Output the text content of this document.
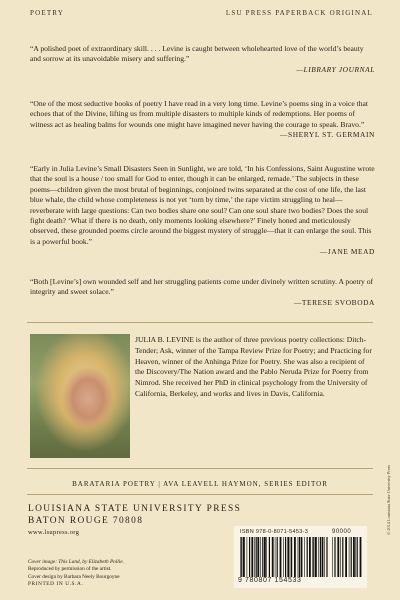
POETRY	LSU PRESS PAPERBACK ORIGINAL

“A polished poet of extraordinary skill. . . . Levine is caught between wholehearted love of the world’s beauty and sorrow at its unavoidable misery and suffering.”

—LIBRARY JOURNAL

“One of the most seductive books of poetry I have read in a very long time. Levine’s poems sing in a voice that echoes that of the Divine, lifting us from multiple disasters to multiple kinds of redemptions. Her poems of witness act as healing balms for wounds one might have imagined never having the courage to speak. Bravo.”

—SHERYL ST. GERMAIN

“Early in Julia Levine’s Small Disasters Seen in Sunlight, we are told, ‘In his Confessions, Saint Augustine wrote that the soul is a house / too small for God to enter, though it can be enlarged, remade.’ The subjects in these poems—children given the most brutal of beginnings, conjoined twins separated at the cost of one life, the last blue whale, the child whose completeness is not yet ‘torn by time,’ the rape victim struggling to heal—reverberate with large questions: Can two bodies share one soul? Can one soul share two bodies? Does the soul fight death? ‘What if there is no death, only moments looking elsewhere?’ Finely honed and meticulously observed, these grounded poems circle around the biggest mystery of struggle—that it can enlarge the soul. This is a powerful book.”

—JANE MEAD

“Both [Levine’s] own wounded self and her struggling patients come under divinely written scrutiny. A poetry of integrity and sweet solace.”

—TERESE SVOBODA
JULIA B. LEVINE is the author of three previous poetry collections: Ditch-Tender; Ask, winner of the Tampa Review Prize for Poetry; and Practicing for Heaven, winner of the Anhinga Prize for Poetry. She was also a recipient of the Discovery/The Nation award and the Pablo Neruda Prize for Poetry from Nimrod. She received her PhD in clinical psychology from the University of California, Berkeley, and works and lives in Davis, California.
BARATARIA POETRY | AVA LEAVELL HAYMON, SERIES EDITOR
LOUISIANA STATE UNIVERSITY PRESS
BATON ROUGE 70808
www.lsupress.org
Cover image: This Land, by Elizabeth Pollie.
Reproduced by permission of the artist.
Cover design by Barbara Neely Bourgoyne
PRINTED IN U.S.A.
ISBN 978-0-8071-5453-3	90000
9 780807 154533
© 2014 Louisiana State University Press
